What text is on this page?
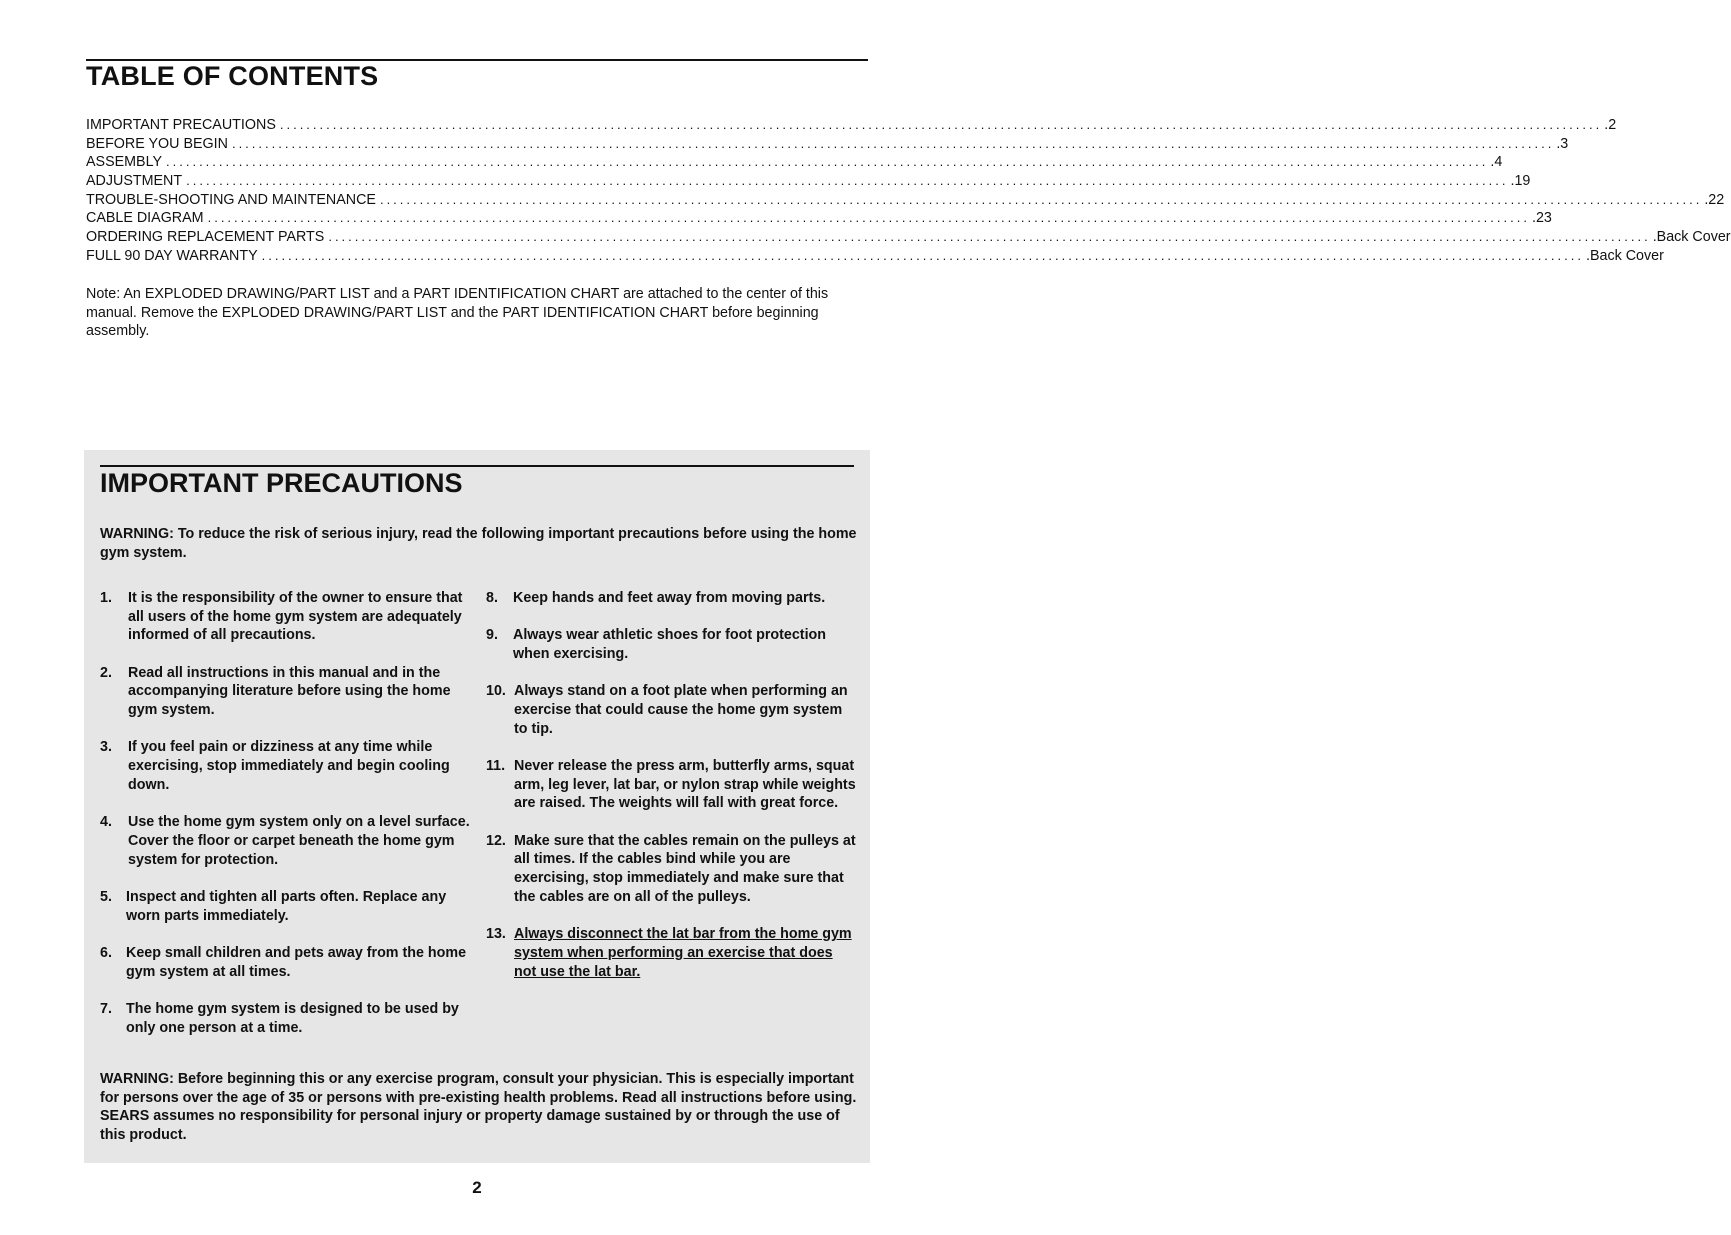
TABLE OF CONTENTS
IMPORTANT PRECAUTIONS ........................................................................................................................................................................................................ .2
BEFORE YOU BEGIN ........................................................................................................................................................................................................ .3
ASSEMBLY ........................................................................................................................................................................................................ .4
ADJUSTMENT ........................................................................................................................................................................................................ .19
TROUBLE-SHOOTING AND MAINTENANCE ........................................................................................................................................................................................................ .22
CABLE DIAGRAM ........................................................................................................................................................................................................ .23
ORDERING REPLACEMENT PARTS ........................................................................................................................................................................................................ .Back Cover
FULL 90 DAY WARRANTY ........................................................................................................................................................................................................ .Back Cover
Note: An EXPLODED DRAWING/PART LIST and a PART IDENTIFICATION CHART are attached to the center of this manual. Remove the EXPLODED DRAWING/PART LIST and the PART IDENTIFICATION CHART before beginning assembly.
IMPORTANT PRECAUTIONS
WARNING: To reduce the risk of serious injury, read the following important precautions before using the home gym system.
1.	It is the responsibility of the owner to ensure that all users of the home gym system are adequately informed of all precautions.
2.	Read all instructions in this manual and in the accompanying literature before using the home gym system.
3.	If you feel pain or dizziness at any time while exercising, stop immediately and begin cooling down.
4.	Use the home gym system only on a level surface. Cover the floor or carpet beneath the home gym system for protection.
5. Inspect and tighten all parts often. Replace any worn parts immediately.
6. Keep small children and pets away from the home gym system at all times.
7. The home gym system is designed to be used by only one person at a time.
8.	Keep hands and feet away from moving parts.
9.	Always wear athletic shoes for foot protection when exercising.
10. Always stand on a foot plate when performing an exercise that could cause the home gym system to tip.
11. Never release the press arm, butterfly arms, squat arm, leg lever, lat bar, or nylon strap while weights are raised. The weights will fall with great force.
12. Make sure that the cables remain on the pulleys at all times. If the cables bind while you are exercising, stop immediately and make sure that the cables are on all of the pulleys.
13. Always disconnect the lat bar from the home gym system when performing an exercise that does not use the lat bar.
WARNING: Before beginning this or any exercise program, consult your physician. This is especially important for persons over the age of 35 or persons with pre-existing health problems. Read all instructions before using. SEARS assumes no responsibility for personal injury or property damage sustained by or through the use of this product.
2
